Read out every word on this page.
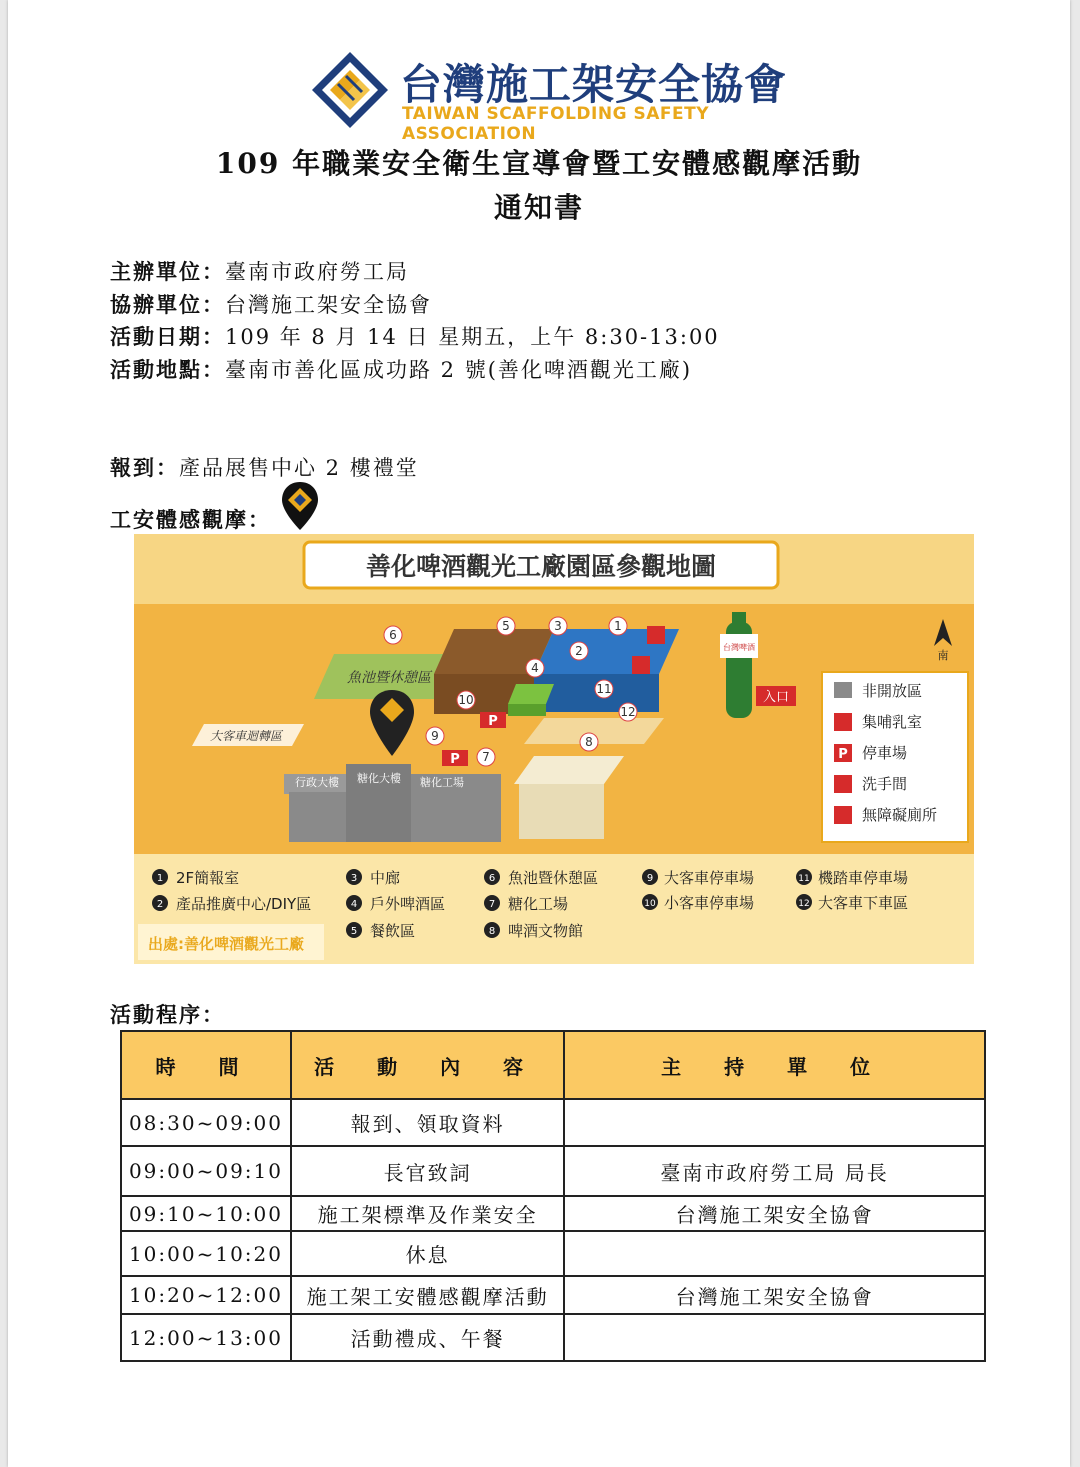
台灣施工架安全協會
TAIWAN SCAFFOLDING SAFETY ASSOCIATION
109 年職業安全衛生宣導會暨工安體感觀摩活動
通知書
主辦單位：臺南市政府勞工局
協辦單位：台灣施工架安全協會
活動日期：109 年 8 月 14 日 星期五，上午 8:30-13:00
活動地點：臺南市善化區成功路 2 號(善化啤酒觀光工廠)
報到：產品展售中心 2 樓禮堂
工安體感觀摩：
善化啤酒觀光工廠園區參觀地圖
魚池暨休憩區
大客車迴轉區
行政大樓 糖化大樓 糖化工場
P
P
6
5	3	1
2
4
11
10
12
9
7
8
台灣啤酒
入口
南
非開放區
集哺乳室
P 停車場
洗手間
無障礙廁所
1 2F簡報室
2 產品推廣中心/DIY區
3 中廊
4 戶外啤酒區
5 餐飲區
6 魚池暨休憩區
7 糖化工場
8 啤酒文物館
9 大客車停車場
10 小客車停車場
11 機踏車停車場
12 大客車下車區
出處:善化啤酒觀光工廠
活動程序：
時 間	活 動 內 容	主 持 單 位
08:30~09:00	報到、領取資料	
09:00~09:10	長官致詞	臺南市政府勞工局 局長
09:10~10:00	施工架標準及作業安全	台灣施工架安全協會
10:00~10:20	休息	
10:20~12:00	施工架工安體感觀摩活動	台灣施工架安全協會
12:00~13:00	活動禮成、午餐	
